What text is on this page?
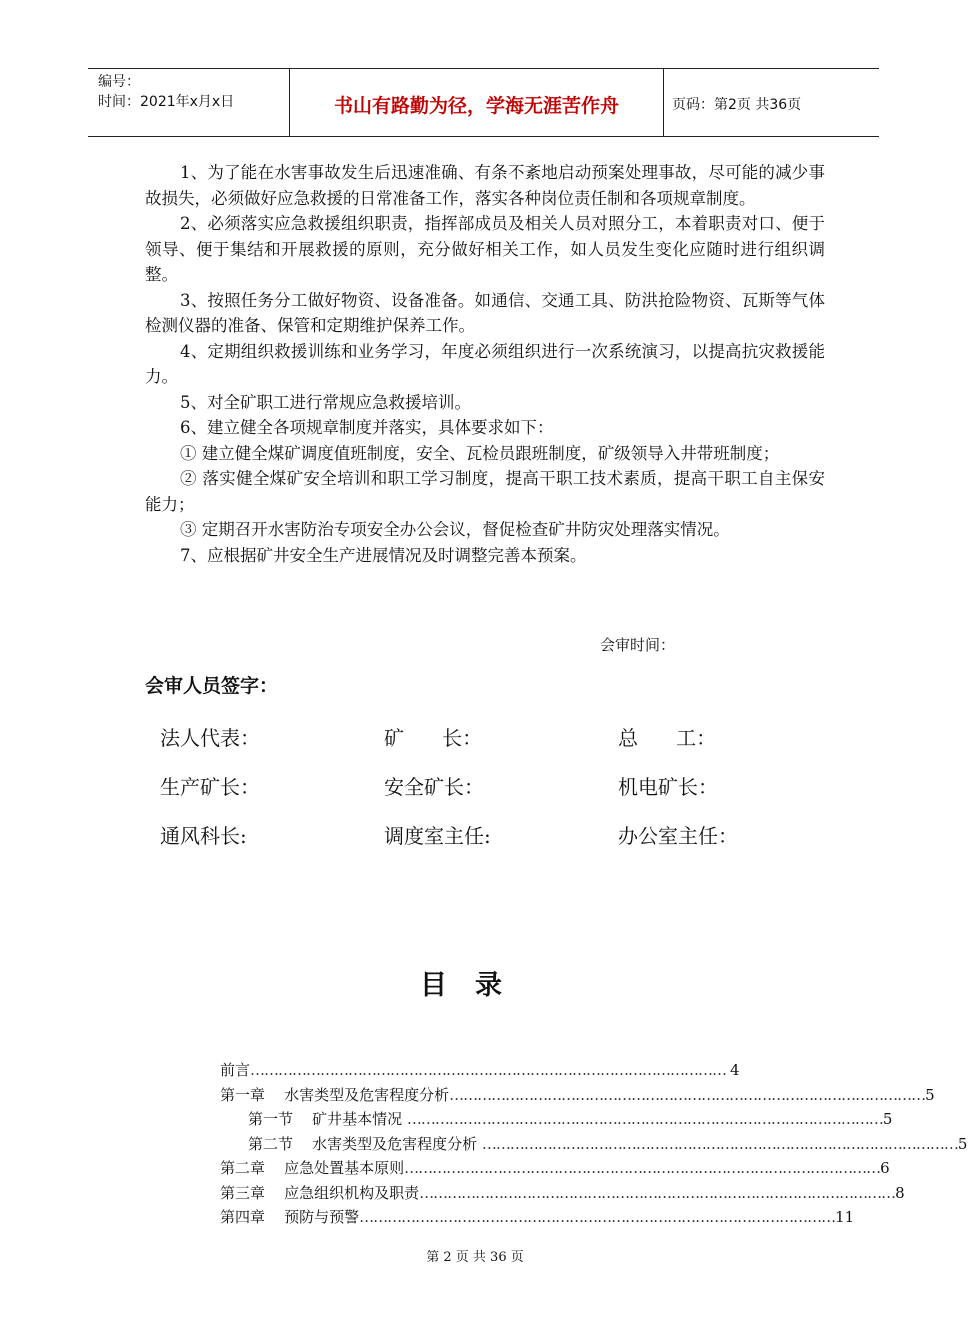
编号：
时间：2021年x月x日	书山有路勤为径，学海无涯苦作舟	页码：第2页 共36页

1、为了能在水害事故发生后迅速准确、有条不紊地启动预案处理事故，尽可能的减少事故损失，必须做好应急救援的日常准备工作，落实各种岗位责任制和各项规章制度。

2、必须落实应急救援组织职责，指挥部成员及相关人员对照分工，本着职责对口、便于领导、便于集结和开展救援的原则，充分做好相关工作，如人员发生变化应随时进行组织调整。

3、按照任务分工做好物资、设备准备。如通信、交通工具、防洪抢险物资、瓦斯等气体检测仪器的准备、保管和定期维护保养工作。

4、定期组织救援训练和业务学习，年度必须组织进行一次系统演习，以提高抗灾救援能力。

5、对全矿职工进行常规应急救援培训。

6、建立健全各项规章制度并落实，具体要求如下：

① 建立健全煤矿调度值班制度，安全、瓦检员跟班制度，矿级领导入井带班制度；

② 落实健全煤矿安全培训和职工学习制度，提高干职工技术素质，提高干职工自主保安能力；

③ 定期召开水害防治专项安全办公会议，督促检查矿井防灾处理落实情况。

7、应根据矿井安全生产进展情况及时调整完善本预案。

会审时间：
会审人员签字：
法人代表：	矿      长：	总      工：
生产矿长：	安全矿长：	机电矿长：
通风科长:	调度室主任:	办公室主任：
目录
前言 ………………………………………………………………………………………… 4
第一章    水害类型及危害程度分析 ………………………………………………………………………………………… 5
第一节    矿井基本情况 ………………………………………………………………………………………… 5
第二节    水害类型及危害程度分析 ………………………………………………………………………………………… 5
第二章    应急处置基本原则 ………………………………………………………………………………………… 6
第三章    应急组织机构及职责 ………………………………………………………………………………………… 8
第四章    预防与预警 ………………………………………………………………………………………… 11
第 2 页 共 36 页
